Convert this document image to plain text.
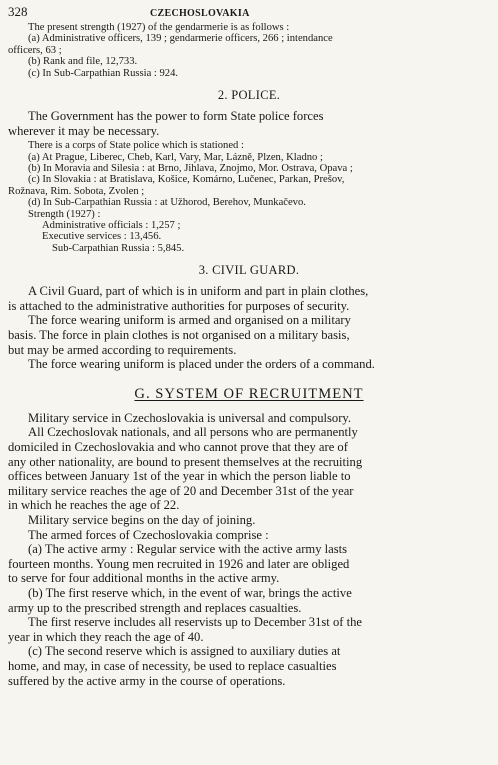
328	CZECHOSLOVAKIA

The present strength (1927) of the gendarmerie is as follows :

(a) Administrative officers, 139 ; gendarmerie officers, 266 ; intendance

officers, 63 ;

(b) Rank and file, 12,733.

(c) In Sub-Carpathian Russia : 924.

2. POLICE.

The Government has the power to form State police forces

wherever it may be necessary.

There is a corps of State police which is stationed :

(a) At Prague, Liberec, Cheb, Karl, Vary, Mar, Lázně, Plzen, Kladno ;

(b) In Moravia and Silesia : at Brno, Jihlava, Znojmo, Mor. Ostrava, Opava ;

(c) In Slovakia : at Bratislava, Košice, Komárno, Lučenec, Parkan, Prešov,

Rožnava, Rim. Sobota, Zvolen ;

(d) In Sub-Carpathian Russia : at Užhorod, Berehov, Munkačevo.

Strength (1927) :

Administrative officials : 1,257 ;

Executive services : 13,456.

Sub-Carpathian Russia : 5,845.

3. CIVIL GUARD.

A Civil Guard, part of which is in uniform and part in plain clothes,

is attached to the administrative authorities for purposes of security.

The force wearing uniform is armed and organised on a military

basis. The force in plain clothes is not organised on a military basis,

but may be armed according to requirements.

The force wearing uniform is placed under the orders of a command.

G. SYSTEM OF RECRUITMENT

Military service in Czechoslovakia is universal and compulsory.

All Czechoslovak nationals, and all persons who are permanently

domiciled in Czechoslovakia and who cannot prove that they are of

any other nationality, are bound to present themselves at the recruiting

offices between January 1st of the year in which the person liable to

military service reaches the age of 20 and December 31st of the year

in which he reaches the age of 22.

Military service begins on the day of joining.

The armed forces of Czechoslovakia comprise :

(a) The active army : Regular service with the active army lasts

fourteen months. Young men recruited in 1926 and later are obliged

to serve for four additional months in the active army.

(b) The first reserve which, in the event of war, brings the active

army up to the prescribed strength and replaces casualties.

The first reserve includes all reservists up to December 31st of the

year in which they reach the age of 40.

(c) The second reserve which is assigned to auxiliary duties at

home, and may, in case of necessity, be used to replace casualties

suffered by the active army in the course of operations.
